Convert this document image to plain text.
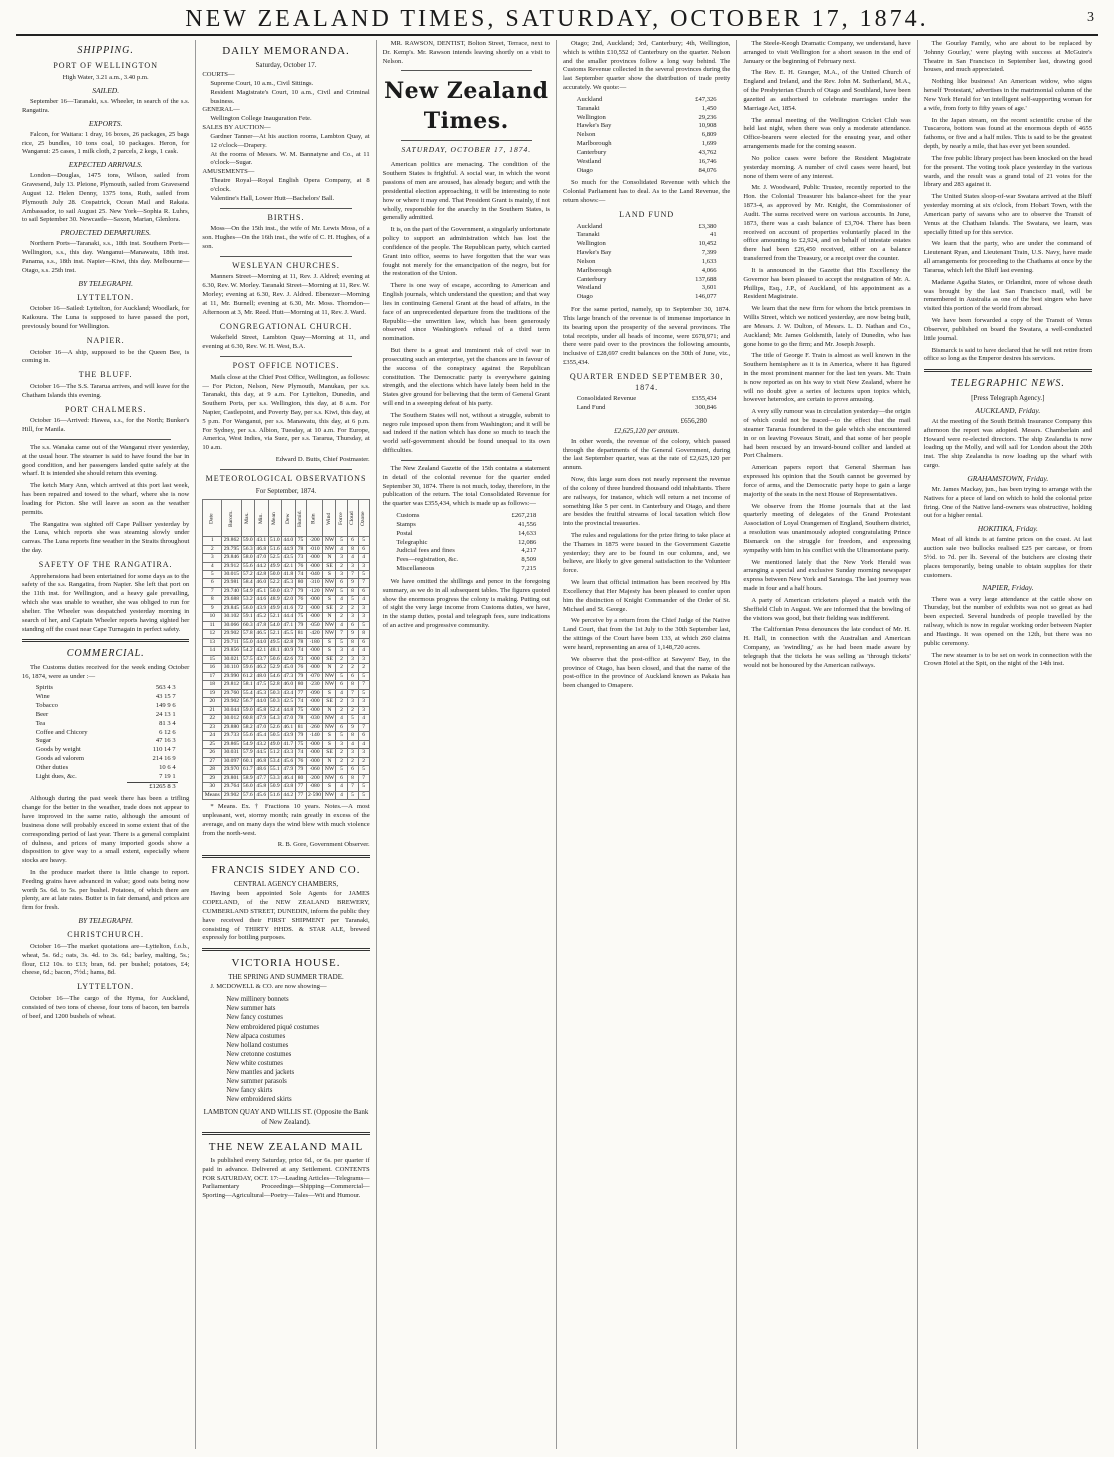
NEW ZEALAND TIMES, SATURDAY, OCTOBER 17, 1874.	3
SHIPPING.
PORT OF WELLINGTON

High Water, 3.21 a.m., 3.40 p.m.

SAILED.

September 16—Taranaki, s.s. Wheeler, in search of the s.s. Rangatira.

EXPORTS.

Falcon, for Waitara: 1 dray, 16 boxes, 26 packages, 25 bags rice, 25 bundles, 10 tons coal, 10 packages. Heron, for Wanganui: 25 cases, 1 milk cloth, 2 parcels, 2 kegs, 1 cask.

EXPECTED ARRIVALS.

London—Douglas, 1475 tons, Wilson, sailed from Gravesend, July 13. Pleione, Plymouth, sailed from Gravesend August 12. Helen Denny, 1375 tons, Ruth, sailed from Plymouth July 28. Cospatrick, Ocean Mail and Rakaia. Ambassador, to sail August 25. New York—Sophia R. Luhrs, to sail September 30. Newcastle—Saxon, Marian, Glenlora.

PROJECTED DEPARTURES.

Northern Ports—Taranaki, s.s., 18th inst. Southern Ports—Wellington, s.s., this day. Wanganui—Manawatu, 18th inst. Panama, s.s., 18th inst. Napier—Kiwi, this day. Melbourne—Otago, s.s. 25th inst.

BY TELEGRAPH.
LYTTELTON.

October 16—Sailed: Lyttelton, for Auckland; Woodlark, for Kaikoura. The Luna is supposed to have passed the port, previously bound for Wellington.

NAPIER.

October 16—A ship, supposed to be the Queen Bee, is coming in.

THE BLUFF.

October 16—The S.S. Tararua arrives, and will leave for the Chatham Islands this evening.

PORT CHALMERS.

October 16—Arrived: Hawea, s.s., for the North; Bunker's Hill, for Manila.

The s.s. Wanaka came out of the Wanganui river yesterday, at the usual hour. The steamer is said to have found the bar in good condition, and her passengers landed quite safely at the wharf. It is intended she should return this evening.

The ketch Mary Ann, which arrived at this port last week, has been repaired and towed to the wharf, where she is now loading for Picton. She will leave as soon as the weather permits.

The Rangatira was sighted off Cape Palliser yesterday by the Luna, which reports she was steaming slowly under canvas. The Luna reports fine weather in the Straits throughout the day.

SAFETY OF THE RANGATIRA.

Apprehensions had been entertained for some days as to the safety of the s.s. Rangatira, from Napier. She left that port on the 11th inst. for Wellington, and a heavy gale prevailing, which she was unable to weather, she was obliged to run for shelter. The Wheeler was despatched yesterday morning in search of her, and Captain Wheeler reports having sighted her standing off the coast near Cape Turnagain in perfect safety.

COMMERCIAL.

The Customs duties received for the week ending October 16, 1874, were as under :—

Spirits	563 4 3
Wine	43 15 7
Tobacco	149 9 6
Beer	24 13 1
Tea	81 3 4
Coffee and Chicory	6 12 6
Sugar	47 16 3
Goods by weight	110 14 7
Goods ad valorem	214 16 9
Other duties	10 6 4
Light dues, &c.	7 19 1
	£1265 8 3

Although during the past week there has been a trifling change for the better in the weather, trade does not appear to have improved in the same ratio, although the amount of business done will probably exceed in some extent that of the corresponding period of last year. There is a general complaint of dulness, and prices of many imported goods show a disposition to give way to a small extent, especially where stocks are heavy.

In the produce market there is little change to report. Feeding grains have advanced in value; good oats being now worth 5s. 6d. to 5s. per bushel. Potatoes, of which there are plenty, are at late rates. Butter is in fair demand, and prices are firm for fresh.

BY TELEGRAPH.
CHRISTCHURCH.

October 16—The market quotations are—Lyttelton, f.o.b., wheat, 5s. 6d.; oats, 3s. 4d. to 3s. 6d.; barley, malting, 5s.; flour, £12 10s. to £13; bran, 6d. per bushel; potatoes, £4; cheese, 6d.; bacon, 7½d.; hams, 8d.

LYTTELTON.

October 16—The cargo of the Hyma, for Auckland, consisted of two tons of cheese, four tons of bacon, ten barrels of beef, and 1200 bushels of wheat.

DAILY MEMORANDA.
Saturday, October 17.
COURTS—
Supreme Court, 10 a.m., Civil Sittings.
Resident Magistrate's Court, 10 a.m., Civil and Criminal business.
GENERAL—
Wellington College Inauguration Fete.
SALES BY AUCTION—
Gardner Tanner—At his auction rooms, Lambton Quay, at 12 o'clock—Drapery.
At the rooms of Messrs. W. M. Bannatyne and Co., at 11 o'clock—Sugar.
AMUSEMENTS—
Theatre Royal—Royal English Opera Company, at 8 o'clock.
Valentine's Hall, Lower Hutt—Bachelors' Ball.
BIRTHS.

Moss—On the 15th inst., the wife of Mr. Lewis Moss, of a son. Hughes—On the 16th inst., the wife of C. H. Hughes, of a son.

WESLEYAN CHURCHES.

Manners Street—Morning at 11, Rev. J. Aldred; evening at 6.30, Rev. W. Morley. Taranaki Street—Morning at 11, Rev. W. Morley; evening at 6.30, Rev. J. Aldred. Ebenezer—Morning at 11, Mr. Burnell; evening at 6.30, Mr. Moss. Thorndon—Afternoon at 3, Mr. Reed. Hutt—Morning at 11, Rev. J. Ward.

CONGREGATIONAL CHURCH.

Wakefield Street, Lambton Quay—Morning at 11, and evening at 6.30, Rev. W. H. West, B.A.

POST OFFICE NOTICES.

Mails close at the Chief Post Office, Wellington, as follows:— For Picton, Nelson, New Plymouth, Manukau, per s.s. Taranaki, this day, at 9 a.m. For Lyttelton, Dunedin, and Southern Ports, per s.s. Wellington, this day, at 8 a.m. For Napier, Castlepoint, and Poverty Bay, per s.s. Kiwi, this day, at 5 p.m. For Wanganui, per s.s. Manawatu, this day, at 6 p.m. For Sydney, per s.s. Albion, Tuesday, at 10 a.m. For Europe, America, West Indies, via Suez, per s.s. Tararua, Thursday, at 10 a.m.

Edward D. Butts, Chief Postmaster.

METEOROLOGICAL OBSERVATIONS
For September, 1874.
Date	Barom.	Max.	Min.	Mean	Dew	Humid.	Rain	Wind	Force	Cloud	Ozone
1	29.862	59.0	43.1	51.0	44.0	75	·200	NW	5	6	5
2	29.795	56.3	46.8	51.6	44.9	78	·010	NW	4	8	6
3	29.846	58.0	47.0	52.5	43.5	73	·000	N	3	4	4
4	29.912	55.6	44.2	49.9	42.1	76	·000	SE	2	3	3
5	30.015	57.2	42.8	50.0	41.8	74	·040	S	3	7	5
6	29.981	58.4	46.0	52.2	45.3	80	·310	NW	6	9	7
7	29.740	54.9	45.1	50.0	43.7	79	·120	NW	5	8	6
8	29.688	53.2	44.6	48.9	42.0	76	·000	S	4	5	4
9	29.845	56.0	43.9	49.9	41.6	72	·000	SE	2	2	3
10	30.102	59.1	45.2	52.1	44.4	75	·000	N	2	3	3
11	30.066	60.3	47.8	54.0	47.1	79	·050	NW	4	6	5
12	29.902	57.8	46.5	52.1	45.5	81	·420	NW	7	9	8
13	29.711	55.0	44.0	49.5	42.8	78	·180	S	5	8	6
14	29.856	54.2	42.1	48.1	40.9	74	·000	S	3	4	4
15	30.021	57.5	43.7	50.6	42.6	73	·000	SE	2	3	3
16	30.110	59.6	46.2	52.9	45.0	76	·000	N	2	2	2
17	29.990	61.2	48.0	54.6	47.3	79	·070	NW	5	6	5
18	29.812	58.1	47.5	52.8	46.0	80	·230	NW	6	8	7
19	29.760	55.4	45.3	50.3	43.4	77	·090	S	4	7	5
20	29.902	56.7	44.0	50.3	42.5	74	·000	SE	2	3	3
21	30.044	59.0	45.8	52.4	44.8	75	·000	N	2	2	3
22	30.012	60.8	47.9	54.3	47.0	78	·030	NW	4	5	4
23	29.880	58.2	47.0	52.6	46.1	81	·260	NW	6	9	7
24	29.733	55.6	45.4	50.5	43.9	79	·140	S	5	8	6
25	29.865	54.9	43.2	49.0	41.7	75	·000	S	3	4	4
26	30.031	57.9	44.5	51.2	43.3	74	·000	SE	2	3	3
27	30.097	60.1	46.8	53.4	45.6	76	·000	N	2	2	2
28	29.970	61.7	48.6	55.1	47.9	79	·060	NW	5	6	5
29	29.801	58.9	47.7	53.3	46.4	80	·200	NW	6	8	7
30	29.764	56.0	45.8	50.9	43.8	77	·080	S	4	7	5
Means	29.902	57.6	45.6	51.6	44.2	77	2·590	NW	4	5	5

* Means. Ex. † Fractions 10 years. Notes.—A most unpleasant, wet, stormy month; rain greatly in excess of the average, and on many days the wind blew with much violence from the north-west.

R. B. Gore, Government Observer.

FRANCIS SIDEY AND CO.
CENTRAL AGENCY CHAMBERS,

Having been appointed Sole Agents for JAMES COPELAND, of the NEW ZEALAND BREWERY, CUMBERLAND STREET, DUNEDIN, inform the public they have received their FIRST SHIPMENT per Taranaki, consisting of THIRTY HHDS. & STAR ALE, brewed expressly for bottling purposes.

VICTORIA HOUSE.
THE SPRING AND SUMMER TRADE.

J. MCDOWELL & CO. are now showing—

New millinery bonnets
New summer hats
New fancy costumes
New embroidered piqué costumes
New alpaca costumes
New holland costumes
New cretonne costumes
New white costumes
New mantles and jackets
New summer parasols
New fancy skirts
New embroidered skirts
LAMBTON QUAY AND WILLIS ST. (Opposite the Bank of New Zealand).
THE NEW ZEALAND MAIL

Is published every Saturday, price 6d., or 6s. per quarter if paid in advance. Delivered at any Settlement. CONTENTS FOR SATURDAY, OCT. 17:—Leading Articles—Telegrams—Parliamentary Proceedings—Shipping—Commercial—Sporting—Agricultural—Poetry—Tales—Wit and Humour.

MR. RAWSON, DENTIST, Bolton Street, Terrace, next to Dr. Kemp's. Mr. Rawson intends leaving shortly on a visit to Nelson.

New Zealand Times.
SATURDAY, OCTOBER 17, 1874.

American politics are menacing. The condition of the Southern States is frightful. A social war, in which the worst passions of men are aroused, has already begun; and with the presidential election approaching, it will be interesting to note how or where it may end. That President Grant is mainly, if not wholly, responsible for the anarchy in the Southern States, is generally admitted.

It is, on the part of the Government, a singularly unfortunate policy to support an administration which has lost the confidence of the people. The Republican party, which carried Grant into office, seems to have forgotten that the war was fought not merely for the emancipation of the negro, but for the restoration of the Union.

There is one way of escape, according to American and English journals, which understand the question; and that way lies in continuing General Grant at the head of affairs, in the face of an unprecedented departure from the traditions of the Republic—the unwritten law, which has been generously observed since Washington's refusal of a third term nomination.

But there is a great and imminent risk of civil war in prosecuting such an enterprise, yet the chances are in favour of the success of the conspiracy against the Republican constitution. The Democratic party is everywhere gaining strength, and the elections which have lately been held in the States give ground for believing that the term of General Grant will end in a sweeping defeat of his party.

The Southern States will not, without a struggle, submit to negro rule imposed upon them from Washington; and it will be sad indeed if the nation which has done so much to teach the world self-government should be found unequal to its own difficulties.

The New Zealand Gazette of the 15th contains a statement in detail of the colonial revenue for the quarter ended September 30, 1874. There is not much, today, therefore, in the publication of the return. The total Consolidated Revenue for the quarter was £355,434, which is made up as follows:—

Customs	£267,218
Stamps	41,556
Postal	14,633
Telegraphic	12,086
Judicial fees and fines	4,217
Fees—registration, &c.	8,509
Miscellaneous	7,215

We have omitted the shillings and pence in the foregoing summary, as we do in all subsequent tables. The figures quoted show the enormous progress the colony is making. Putting out of sight the very large income from Customs duties, we have, in the stamp duties, postal and telegraph fees, sure indications of an active and progressive community.

Otago; 2nd, Auckland; 3rd, Canterbury; 4th, Wellington, which is within £10,552 of Canterbury on the quarter. Nelson and the smaller provinces follow a long way behind. The Customs Revenue collected in the several provinces during the last September quarter show the distribution of trade pretty accurately. We quote:—

Auckland	£47,326
Taranaki	1,450
Wellington	29,236
Hawke's Bay	10,908
Nelson	6,809
Marlborough	1,699
Canterbury	43,762
Westland	16,746
Otago	84,076

So much for the Consolidated Revenue with which the Colonial Parliament has to deal. As to the Land Revenue, the return shows:—

LAND FUND
Auckland	£3,380
Taranaki	41
Wellington	10,452
Hawke's Bay	7,399
Nelson	1,633
Marlborough	4,066
Canterbury	137,688
Westland	3,601
Otago	146,077

For the same period, namely, up to September 30, 1874. This large branch of the revenue is of immense importance in its bearing upon the prosperity of the several provinces. The total receipts, under all heads of income, were £678,971; and there were paid over to the provinces the following amounts, inclusive of £28,697 credit balances on the 30th of June, viz., £355,434.

QUARTER ENDED SEPTEMBER 30, 1874.
Consolidated Revenue	£355,434
Land Fund	300,846
£656,280
£2,625,120 per annum.

In other words, the revenue of the colony, which passed through the departments of the General Government, during the last September quarter, was at the rate of £2,625,120 per annum.

Now, this large sum does not nearly represent the revenue of the colony of three hundred thousand odd inhabitants. There are railways, for instance, which will return a net income of something like 5 per cent. in Canterbury and Otago, and there are besides the fruitful streams of local taxation which flow into the provincial treasuries.

The rules and regulations for the prize firing to take place at the Thames in 1875 were issued in the Government Gazette yesterday; they are to be found in our columns, and, we believe, are likely to give general satisfaction to the Volunteer force.

We learn that official intimation has been received by His Excellency that Her Majesty has been pleased to confer upon him the distinction of Knight Commander of the Order of St. Michael and St. George.

We perceive by a return from the Chief Judge of the Native Land Court, that from the 1st July to the 30th September last, the sittings of the Court have been 133, at which 260 claims were heard, representing an area of 1,148,720 acres.

We observe that the post-office at Sawyers' Bay, in the province of Otago, has been closed, and that the name of the post-office in the province of Auckland known as Pakaia has been changed to Omapere.

The Steele-Keogh Dramatic Company, we understand, have arranged to visit Wellington for a short season in the end of January or the beginning of February next.

The Rev. E. H. Granger, M.A., of the United Church of England and Ireland, and the Rev. John M. Sutherland, M.A., of the Presbyterian Church of Otago and Southland, have been gazetted as authorised to celebrate marriages under the Marriage Act, 1854.

The annual meeting of the Wellington Cricket Club was held last night, when there was only a moderate attendance. Office-bearers were elected for the ensuing year, and other arrangements made for the coming season.

No police cases were before the Resident Magistrate yesterday morning. A number of civil cases were heard, but none of them were of any interest.

Mr. J. Woodward, Public Trustee, recently reported to the Hon. the Colonial Treasurer his balance-sheet for the year 1873-4, as approved by Mr. Knight, the Commissioner of Audit. The sums received were on various accounts. In June, 1873, there was a cash balance of £3,704. There has been received on account of properties voluntarily placed in the office amounting to £2,924, and on behalf of intestate estates there had been £26,450 received, either on a balance transferred from the Treasury, or a receipt over the counter.

It is announced in the Gazette that His Excellency the Governor has been pleased to accept the resignation of Mr. A. Phillips, Esq., J.P., of Auckland, of his appointment as a Resident Magistrate.

We learn that the new firm for whom the brick premises in Willis Street, which we noticed yesterday, are now being built, are Messrs. J. W. Dulton, of Messrs. L. D. Nathan and Co., Auckland; Mr. James Goldsmith, lately of Dunedin, who has gone home to go the firm; and Mr. Joseph Joseph.

The title of George F. Train is almost as well known in the Southern hemisphere as it is in America, where it has figured in the most prominent manner for the last ten years. Mr. Train is now reported as on his way to visit New Zealand, where he will no doubt give a series of lectures upon topics which, however heterodox, are certain to prove amusing.

A very silly rumour was in circulation yesterday—the origin of which could not be traced—to the effect that the mail steamer Tararua foundered in the gale which she encountered in or on leaving Foveaux Strait, and that some of her people had been rescued by an inward-bound collier and landed at Port Chalmers.

American papers report that General Sherman has expressed his opinion that the South cannot be governed by force of arms, and the Democratic party hope to gain a large majority of the seats in the next House of Representatives.

We observe from the Home journals that at the last quarterly meeting of delegates of the Grand Protestant Association of Loyal Orangemen of England, Southern district, a resolution was unanimously adopted congratulating Prince Bismarck on the struggle for freedom, and expressing sympathy with him in his conflict with the Ultramontane party.

We mentioned lately that the New York Herald was arranging a special and exclusive Sunday morning newspaper express between New York and Saratoga. The last journey was made in four and a half hours.

A party of American cricketers played a match with the Sheffield Club in August. We are informed that the bowling of the visitors was good, but their fielding was indifferent.

The Californian Press denounces the late conduct of Mr. H. H. Hall, in connection with the Australian and American Company, as 'swindling,' as he had been made aware by telegraph that the tickets he was selling as 'through tickets' would not be honoured by the American railways.

The Gourlay Family, who are about to be replaced by 'Johnny Gourlay,' were playing with success at McGuire's Theatre in San Francisco in September last, drawing good houses, and much appreciated.

Nothing like business! An American widow, who signs herself 'Protestant,' advertises in the matrimonial column of the New York Herald for 'an intelligent self-supporting woman for a wife, from forty to fifty years of age.'

In the Japan stream, on the recent scientific cruise of the Tuscarora, bottom was found at the enormous depth of 4655 fathoms, or five and a half miles. This is said to be the greatest depth, by nearly a mile, that has ever yet been sounded.

The free public library project has been knocked on the head for the present. The voting took place yesterday in the various wards, and the result was a grand total of 21 votes for the library and 283 against it.

The United States sloop-of-war Swatara arrived at the Bluff yesterday morning at six o'clock, from Hobart Town, with the American party of savans who are to observe the Transit of Venus at the Chatham Islands. The Swatara, we learn, was specially fitted up for this service.

We learn that the party, who are under the command of Lieutenant Ryan, and Lieutenant Train, U.S. Navy, have made all arrangements for proceeding to the Chathams at once by the Tararua, which left the Bluff last evening.

Madame Agatha States, or Orlandini, more of whose death was brought by the last San Francisco mail, will be remembered in Australia as one of the best singers who have visited this portion of the world from abroad.

We have been forwarded a copy of the Transit of Venus Observer, published on board the Swatara, a well-conducted little journal.

Bismarck is said to have declared that he will not retire from office so long as the Emperor desires his services.

TELEGRAPHIC NEWS.
[Press Telegraph Agency.]
AUCKLAND, Friday.

At the meeting of the South British Insurance Company this afternoon the report was adopted. Messrs. Chamberlain and Howard were re-elected directors. The ship Zealandia is now loading up the Molly, and will sail for London about the 20th inst. The ship Zealandia is now loading up the wharf with cargo.

GRAHAMSTOWN, Friday.

Mr. James Mackay, jun., has been trying to arrange with the Natives for a piece of land on which to hold the colonial prize firing. One of the Native land-owners was obstructive, holding out for a higher rental.

HOKITIKA, Friday.

Meat of all kinds is at famine prices on the coast. At last auction sale two bullocks realised £25 per carcase, or from 5½d. to 7d. per lb. Several of the butchers are closing their places temporarily, being unable to obtain supplies for their customers.

NAPIER, Friday.

There was a very large attendance at the cattle show on Thursday, but the number of exhibits was not so great as had been expected. Several hundreds of people travelled by the railway, which is now in regular working order between Napier and Hastings. It was opened on the 12th, but there was no public ceremony.

The new steamer is to be set on work in connection with the Crown Hotel at the Spit, on the night of the 14th inst.
